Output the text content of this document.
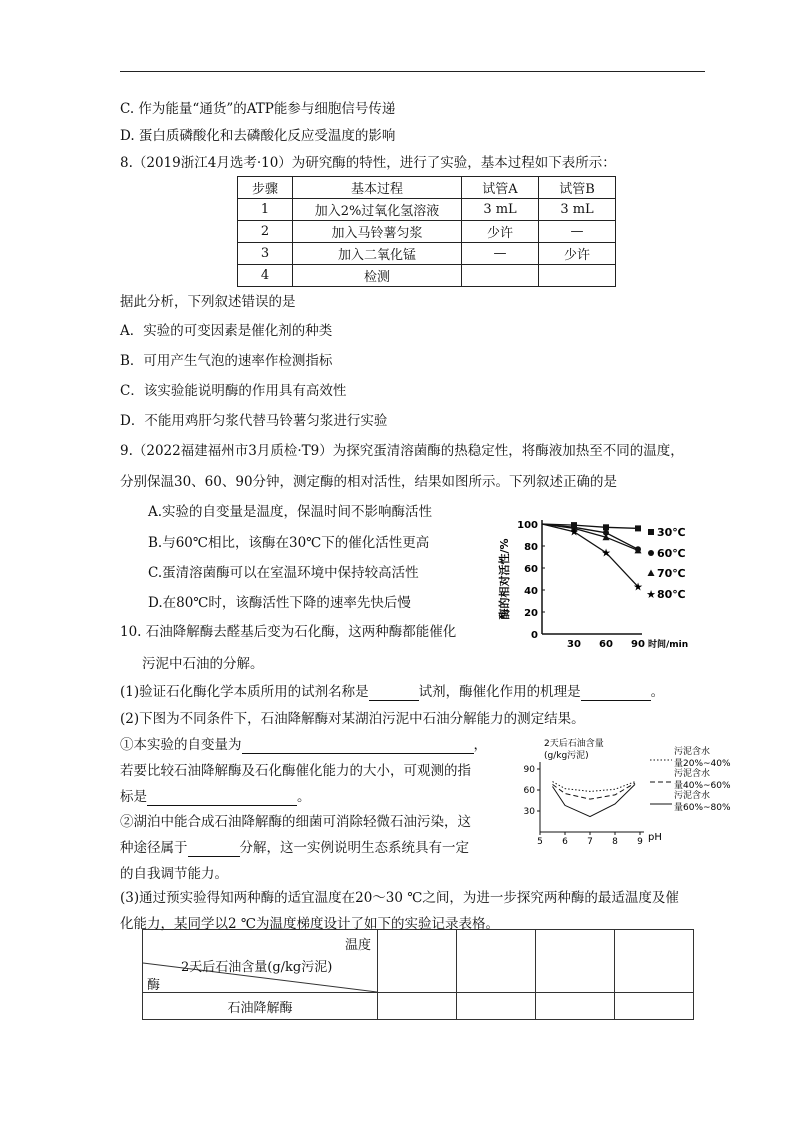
C. 作为能量“通货”的ATP能参与细胞信号传递
D. 蛋白质磷酸化和去磷酸化反应受温度的影响
8.（2019浙江4月选考·10）为研究酶的特性，进行了实验，基本过程如下表所示：
步骤	基本过程	试管A	试管B
1	加入2%过氧化氢溶液	3 mL	3 mL
2	加入马铃薯匀浆	少许	—
3	加入二氧化锰	—	少许
4	检测		
据此分析，下列叙述错误的是
A．实验的可变因素是催化剂的种类
B．可用产生气泡的速率作检测指标
C．该实验能说明酶的作用具有高效性
D．不能用鸡肝匀浆代替马铃薯匀浆进行实验
9.（2022福建福州市3月质检·T9）为探究蛋清溶菌酶的热稳定性，将酶液加热至不同的温度，
分别保温30、60、90分钟，测定酶的相对活性，结果如图所示。下列叙述正确的是
A.实验的自变量是温度，保温时间不影响酶活性
B.与60℃相比，该酶在30℃下的催化活性更高
C.蛋清溶菌酶可以在室温环境中保持较高活性
D.在80℃时，该酶活性下降的速率先快后慢
0
20
40
60
80
100
30 60 90 时间/min
酶的相对活性/%
30℃
60℃
70℃
★
★
★
★ 80℃
10. 石油降解酶去醛基后变为石化酶，这两种酶都能催化
污泥中石油的分解。
(1)验证石化酶化学本质所用的试剂名称是	试剂，酶催化作用的机理是	。
(2)下图为不同条件下，石油降解酶对某湖泊污泥中石油分解能力的测定结果。
①本实验的自变量为	，
若要比较石油降解酶及石化酶催化能力的大小，可观测的指
标是	。
②湖泊中能合成石油降解酶的细菌可消除轻微石油污染，这
种途径属于	分解，这一实例说明生态系统具有一定
的自我调节能力。
2天后石油含量
(g/kg污泥)
30
60
90
5 6 7 8 9 pH
污泥含水
量20%~40%
污泥含水
量40%~60%
污泥含水
量60%~80%
(3)通过预实验得知两种酶的适宜温度在20～30 ℃之间，为进一步探究两种酶的最适温度及催
化能力，某同学以2 ℃为温度梯度设计了如下的实验记录表格。
温度
2天后石油含量(g/kg污泥)
酶				

石油降解酶				
